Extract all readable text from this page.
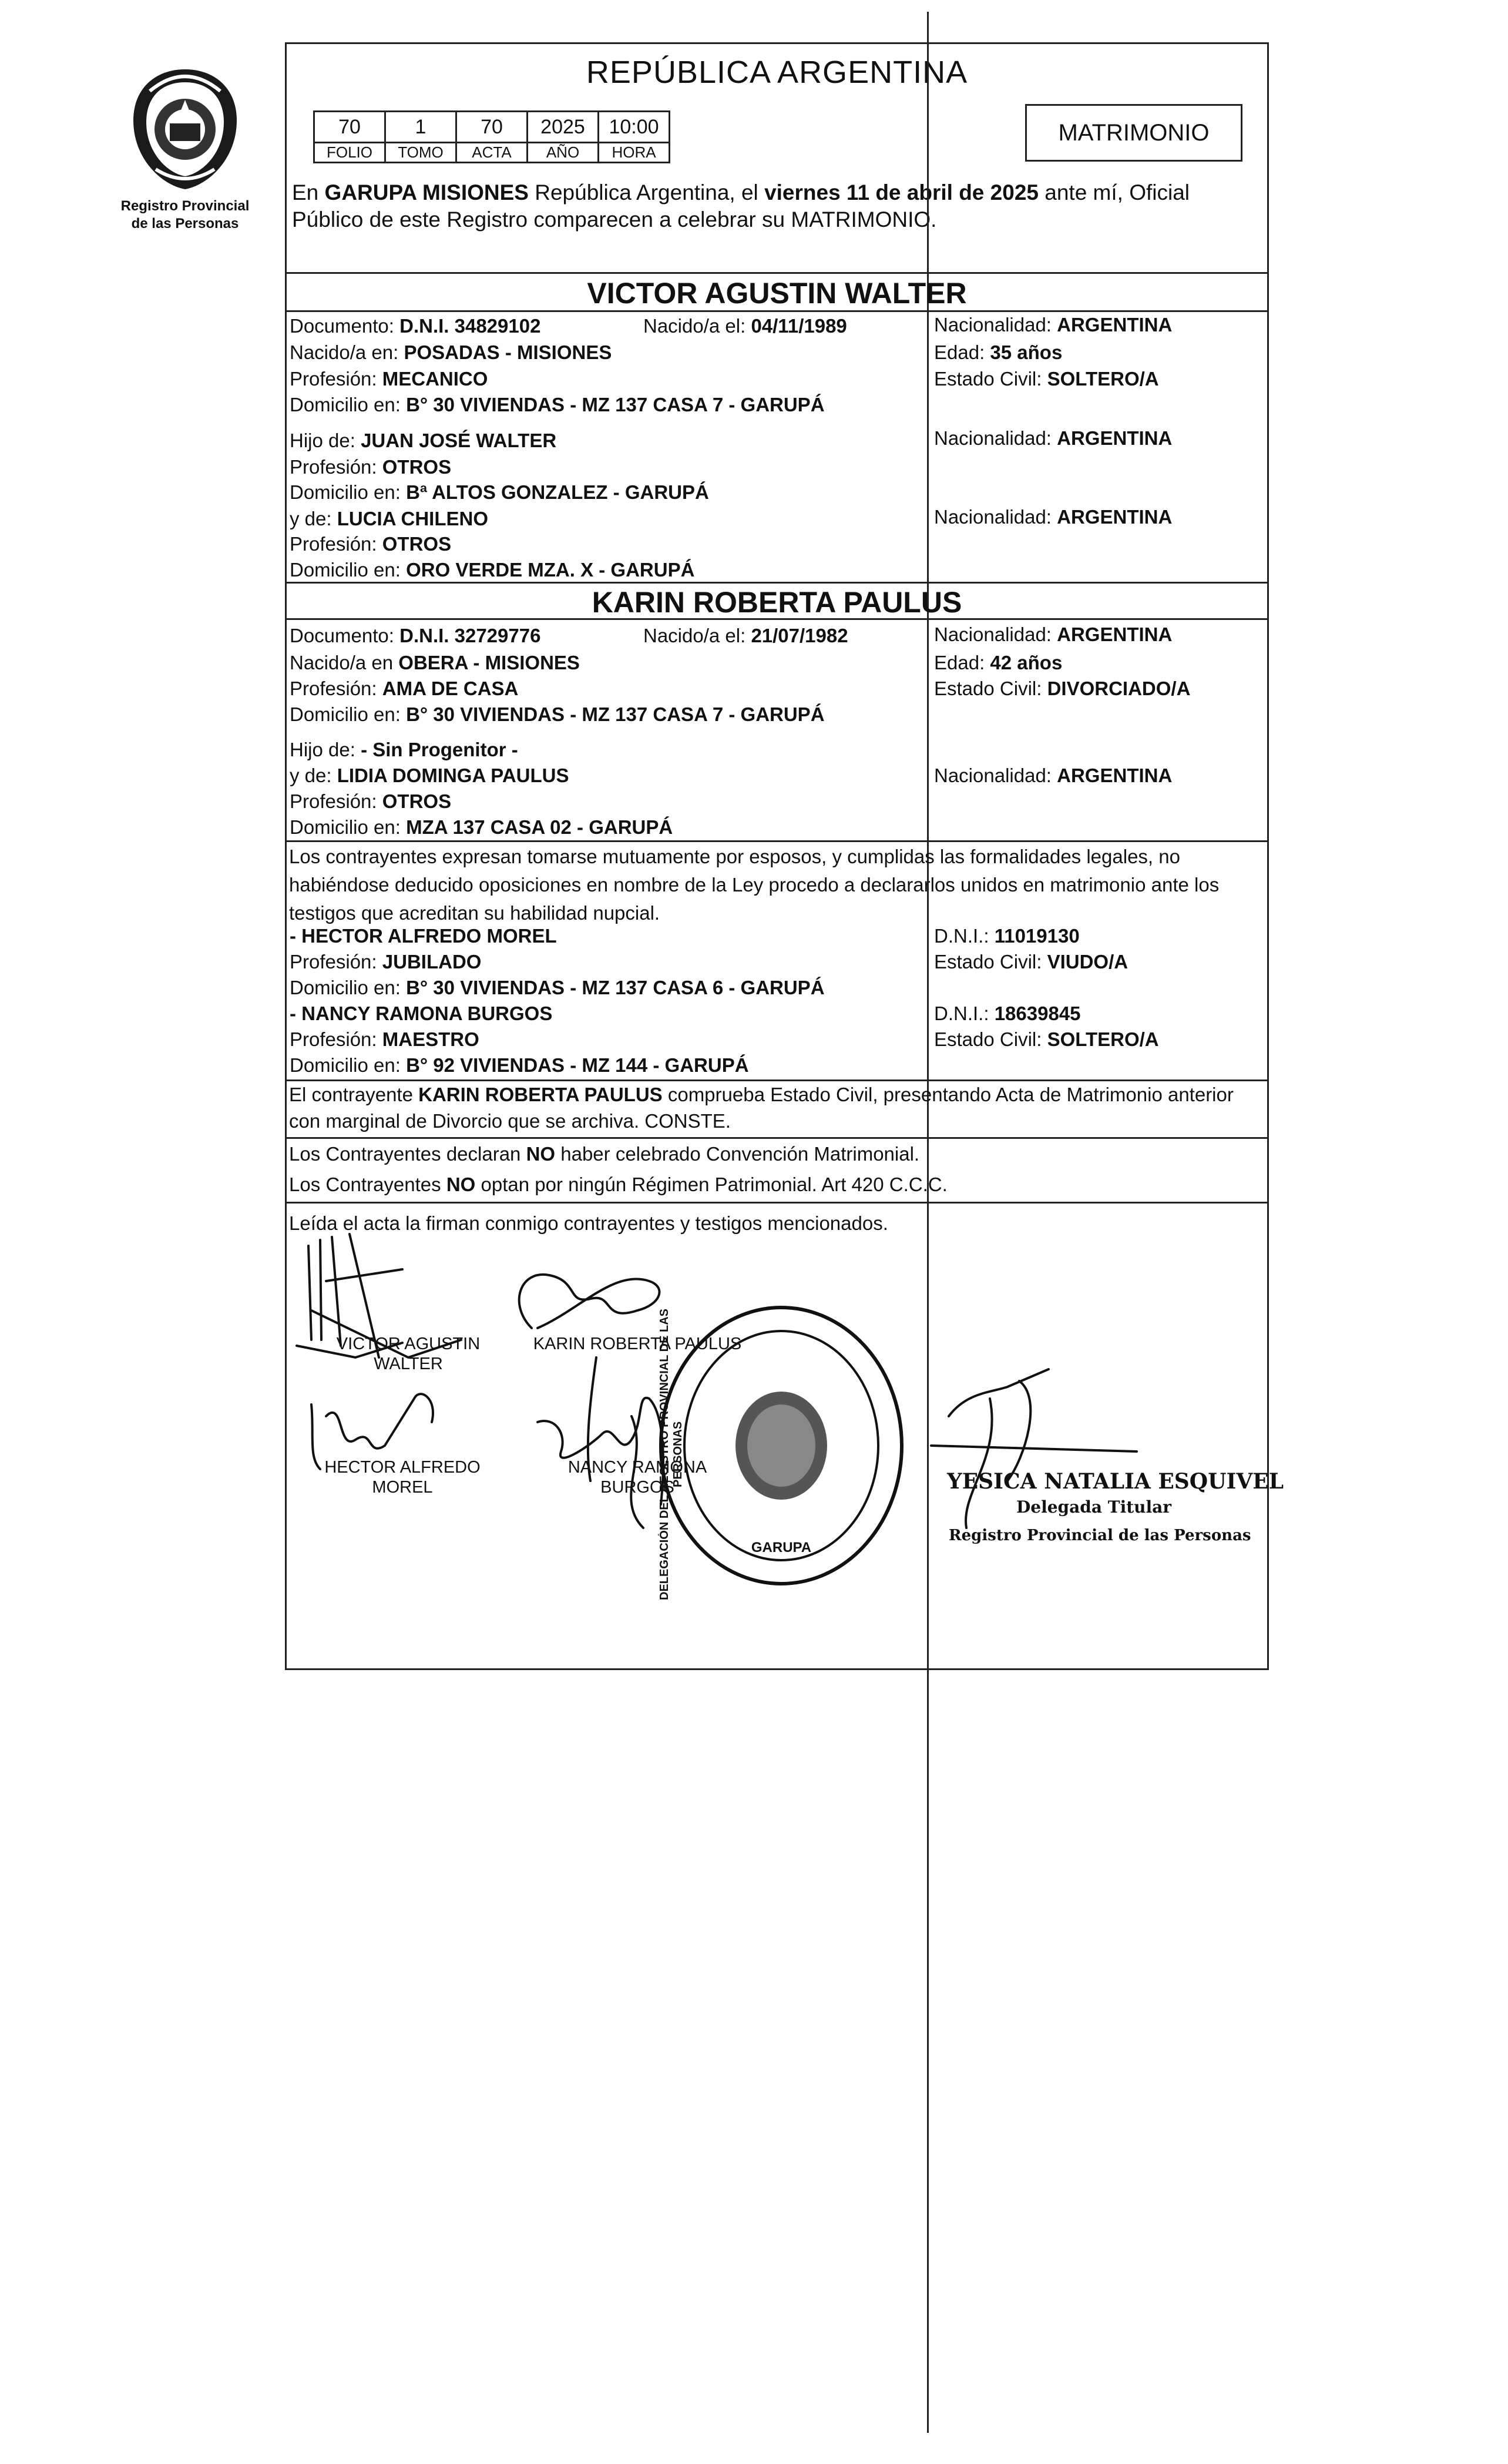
Registro Provincial
de las Personas
REPÚBLICA ARGENTINA
70	1	70	2025	10:00
FOLIO	TOMO	ACTA	AÑO	HORA
MATRIMONIO
En GARUPA MISIONES República Argentina, el viernes 11 de abril de 2025 ante mí, Oficial Público de este Registro comparecen a celebrar su MATRIMONIO.
VICTOR AGUSTIN WALTER
Documento: D.N.I. 34829102	Nacido/a el: 04/11/1989	Nacionalidad: ARGENTINA
Nacido/a en: POSADAS - MISIONES	Edad: 35 años
Profesión: MECANICO	Estado Civil: SOLTERO/A
Domicilio en: B° 30 VIVIENDAS - MZ 137 CASA 7 - GARUPÁ
Hijo de: JUAN JOSÉ WALTER	Nacionalidad: ARGENTINA
Profesión: OTROS
Domicilio en: Bª ALTOS GONZALEZ - GARUPÁ
y de: LUCIA CHILENO	Nacionalidad: ARGENTINA
Profesión: OTROS
Domicilio en: ORO VERDE MZA. X - GARUPÁ
KARIN ROBERTA PAULUS
Documento: D.N.I. 32729776	Nacido/a el: 21/07/1982	Nacionalidad: ARGENTINA
Nacido/a en OBERA - MISIONES	Edad: 42 años
Profesión: AMA DE CASA	Estado Civil: DIVORCIADO/A
Domicilio en: B° 30 VIVIENDAS - MZ 137 CASA 7 - GARUPÁ
Hijo de: - Sin Progenitor -
y de: LIDIA DOMINGA PAULUS	Nacionalidad: ARGENTINA
Profesión: OTROS
Domicilio en: MZA 137 CASA 02 - GARUPÁ
Los contrayentes expresan tomarse mutuamente por esposos, y cumplidas las formalidades legales, no habiéndose deducido oposiciones en nombre de la Ley procedo a declararlos unidos en matrimonio ante los testigos que acreditan su habilidad nupcial.
- HECTOR ALFREDO MOREL	D.N.I.: 11019130
Profesión: JUBILADO	Estado Civil: VIUDO/A
Domicilio en: B° 30 VIVIENDAS - MZ 137 CASA 6 - GARUPÁ
- NANCY RAMONA BURGOS	D.N.I.: 18639845
Profesión: MAESTRO	Estado Civil: SOLTERO/A
Domicilio en: B° 92 VIVIENDAS - MZ 144 - GARUPÁ
El contrayente KARIN ROBERTA PAULUS comprueba Estado Civil, presentando Acta de Matrimonio anterior con marginal de Divorcio que se archiva. CONSTE.
Los Contrayentes declaran NO haber celebrado Convención Matrimonial.
Los Contrayentes NO optan por ningún Régimen Patrimonial. Art 420 C.C.C.
Leída el acta la firman conmigo contrayentes y testigos mencionados.
VICTOR AGUSTIN
WALTER
KARIN ROBERTA PAULUS
HECTOR ALFREDO
MOREL
NANCY RAMONA
BURGOS
DELEGACIÓN DEL REGISTRO PROVINCIAL DE LAS PERSONAS
GARUPA
YESICA NATALIA ESQUIVEL
Delegada Titular
Registro Provincial de las Personas
